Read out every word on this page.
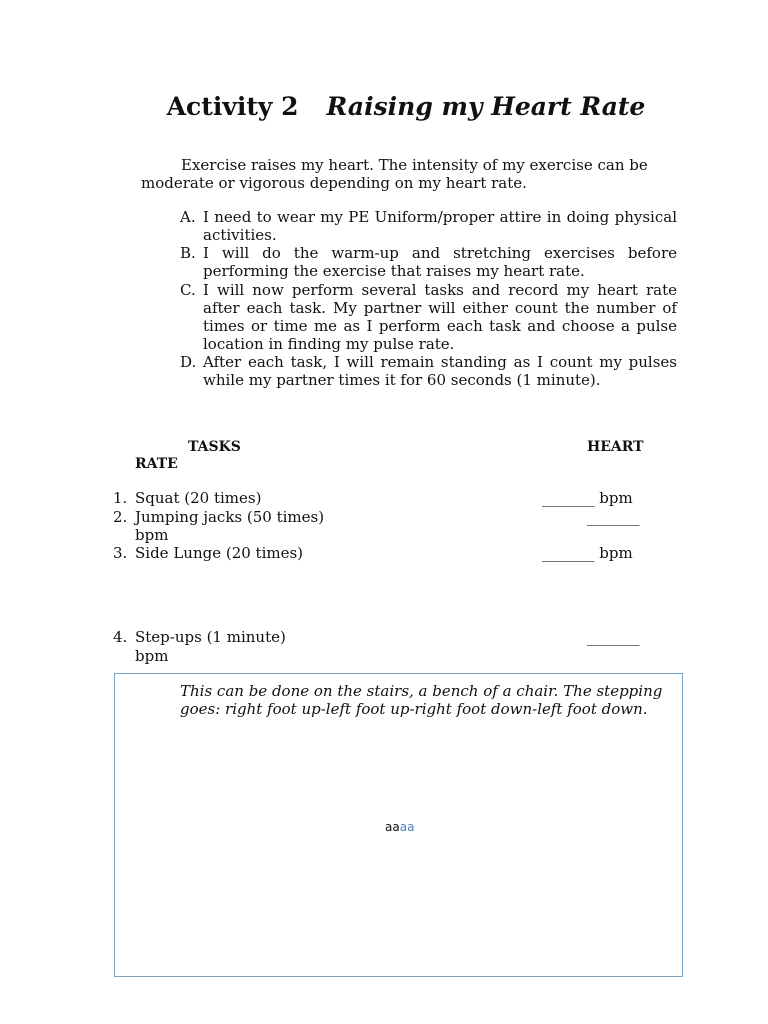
Activity 2 Raising my Heart Rate
Exercise raises my heart. The intensity of my exercise can be
moderate or vigorous depending on my heart rate.
A. I need to wear my PE Uniform/proper attire in doing physical activities.
B. I will do the warm-up and stretching exercises before performing the exercise that raises my heart rate.
C. I will now perform several tasks and record my heart rate after each task. My partner will either count the number of times or time me as I perform each task and choose a pulse location in finding my pulse rate.
D. After each task, I will remain standing as I count my pulses while my partner times it for 60 seconds (1 minute).
TASKS	HEART
RATE
1. Squat (20 times)	_______ bpm
2. Jumping jacks (50 times)	_______
bpm
3. Side Lunge (20 times)	_______ bpm
4. Step-ups (1 minute)	_______
bpm
This can be done on the stairs, a bench of a chair. The stepping goes: right foot up-left foot up-right foot down-left foot down.
aaaa
